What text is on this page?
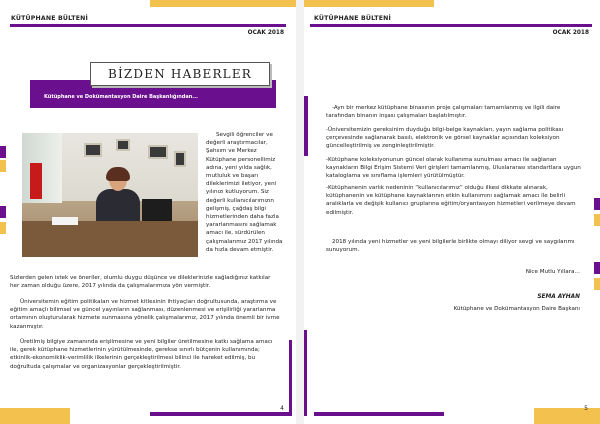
KÜTÜPHANE BÜLTENİ
OCAK 2018
BİZDEN HABERLER
Kütüphane ve Dokümantasyon Daire Başkanlığından...
Sevgili öğrenciler ve değerli araştırmacılar, Şahsım ve Merkez Kütüphane personellimiz adına, yeni yılda sağlık, mutluluk ve başarı dileklerimizi iletiyor, yeni yılınızı kutluyorum. Siz değerli kullanıcılarımızın gelişmiş, çağdaş bilgi hizmetlerinden daha fazla yararlanmasını sağlamak amacı ile, sürdürülen çalışmalarımız 2017 yılında da hızla devam etmiştir.
Sizlerden gelen istek ve öneriler, olumlu duygu düşünce ve dileklerinizle sağladığınız katkılar her zaman olduğu üzere, 2017 yılında da çalışmalarımıza yön vermiştir.
Üniversitemin eğitim politikaları ve hizmet kitlesinin ihtiyaçları doğrultusunda, araştırma ve eğitim amaçlı bilimsel ve güncel yayınların sağlanması, düzenlenmesi ve erişilirliği yararlanma ortamının oluşturularak hizmete sunmasına yönelik çalışmalarımız, 2017 yılında önemli bir ivme kazanmıştır.
Üretilmiş bilgiye zamanında erişilmesine ve yeni bilgiler üretilmesine katkı sağlama amacı ile, gerek kütüphane hizmetlerinin yürütülmesinde, gerekse sınırlı bütçenin kullanımında; etkinlik-ekonomiklik-verimlilik ilkelerinin gerçekleştirilmesi bilinci ile hareket edilmiş, bu doğrultuda çalışmalar ve organizasyonlar gerçekleştirilmiştir.
4
KÜTÜPHANE BÜLTENİ
OCAK 2018
-Ayrı bir merkez kütüphane binasının proje çalışmaları tamamlanmış ve ilgili daire tarafından binanın inşası çalışmaları başlatılmıştır.
-Üniversitemizin gereksinim duyduğu bilgi-belge kaynakları, yayın sağlama politikası çerçevesinde sağlanarak basılı, elektronik ve görsel kaynaklar açısından koleksiyon güncelleştirilmiş ve zenginleştirilmiştir.
-Kütüphane koleksiyonunun güncel olarak kullanıma sunulması amacı ile sağlanan kaynakların Bilgi Erişim Sistemi Veri girişleri tamamlanmış, Uluslararası standartlara uygun kataloglama ve sınıflama işlemleri yürütülmüştür.
-Kütüphanenin varlık nedeninin “kullanıcılarımız” olduğu ilkesi dikkate alınarak, kütüphanenin ve kütüphane kaynaklarının etkin kullanımını sağlamak amacı ile belirli aralıklarla ve değişik kullanıcı gruplarına eğitim/oryantasyon hizmetleri verilmeye devam edilmiştir.
2018 yılında yeni hizmetler ve yeni bilgilerle birlikte olmayı diliyor sevgi ve saygılarımı sunuyorum.
Nice Mutlu Yıllara…
SEMA AYHAN
Kütüphane ve Dokümantasyon Daire Başkanı
5
